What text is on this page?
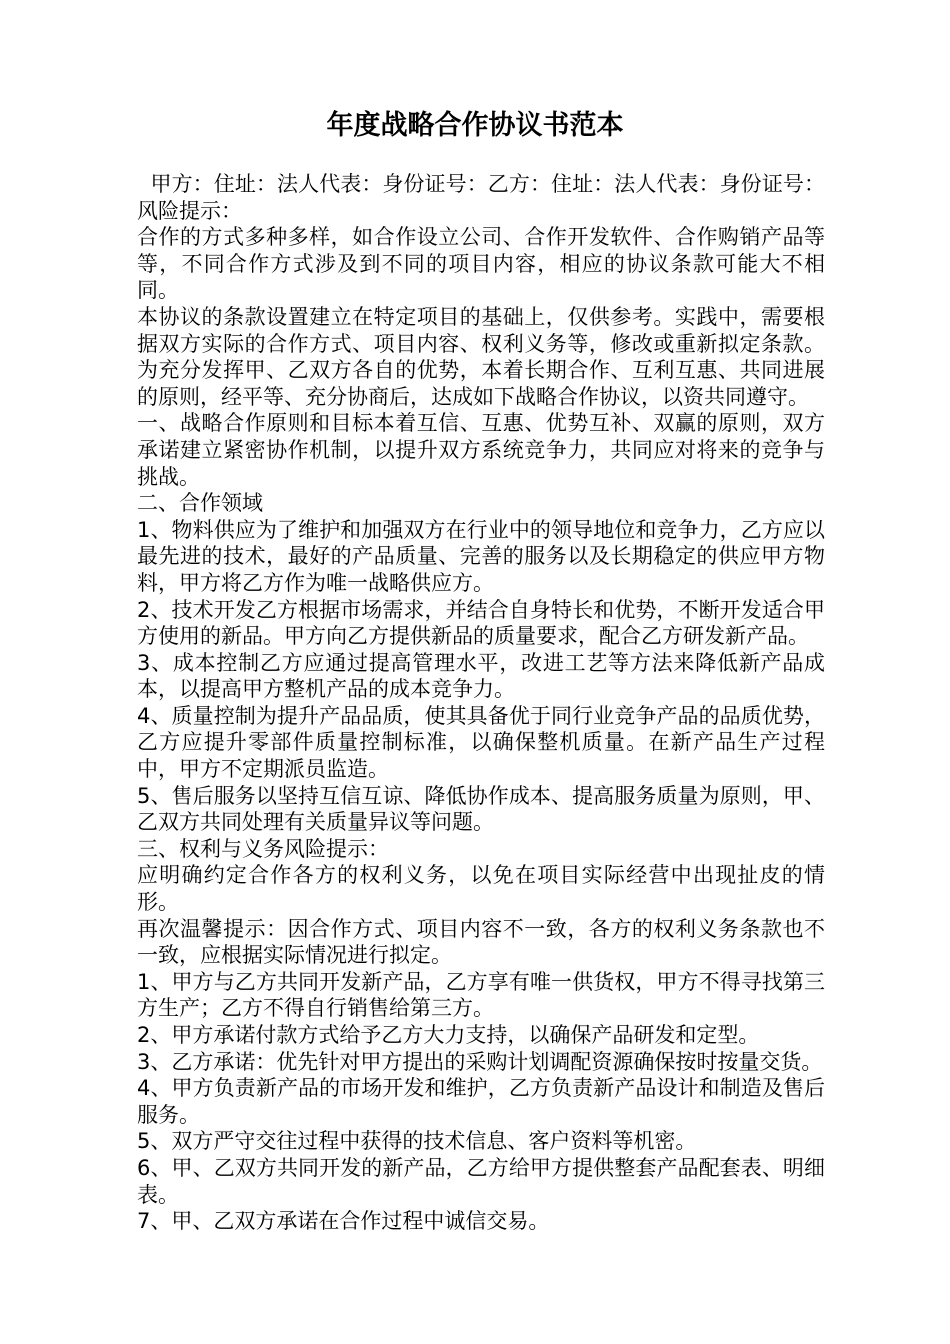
年度战略合作协议书范本

甲方：住址：法人代表：身份证号：乙方：住址：法人代表：身份证号：风险提示：

合作的方式多种多样，如合作设立公司、合作开发软件、合作购销产品等等，不同合作方式涉及到不同的项目内容，相应的协议条款可能大不相同。

本协议的条款设置建立在特定项目的基础上，仅供参考。实践中，需要根据双方实际的合作方式、项目内容、权利义务等，修改或重新拟定条款。  为充分发挥甲、乙双方各自的优势，本着长期合作、互利互惠、共同进展的原则，经平等、充分协商后，达成如下战略合作协议，以资共同遵守。

一、战略合作原则和目标本着互信、互惠、优势互补、双赢的原则，双方承诺建立紧密协作机制，以提升双方系统竞争力，共同应对将来的竞争与挑战。

二、合作领域

1、物料供应为了维护和加强双方在行业中的领导地位和竞争力，乙方应以最先进的技术，最好的产品质量、完善的服务以及长期稳定的供应甲方物料，甲方将乙方作为唯一战略供应方。

2、技术开发乙方根据市场需求，并结合自身特长和优势，不断开发适合甲方使用的新品。甲方向乙方提供新品的质量要求，配合乙方研发新产品。

3、成本控制乙方应通过提高管理水平，改进工艺等方法来降低新产品成本，以提高甲方整机产品的成本竞争力。

4、质量控制为提升产品品质，使其具备优于同行业竞争产品的品质优势，乙方应提升零部件质量控制标准，以确保整机质量。在新产品生产过程中，甲方不定期派员监造。

5、售后服务以坚持互信互谅、降低协作成本、提高服务质量为原则，甲、乙双方共同处理有关质量异议等问题。

三、权利与义务风险提示：

应明确约定合作各方的权利义务，以免在项目实际经营中出现扯皮的情形。

再次温馨提示：因合作方式、项目内容不一致，各方的权利义务条款也不一致，应根据实际情况进行拟定。

1、甲方与乙方共同开发新产品，乙方享有唯一供货权，甲方不得寻找第三方生产；乙方不得自行销售给第三方。

2、甲方承诺付款方式给予乙方大力支持，以确保产品研发和定型。

3、乙方承诺：优先针对甲方提出的采购计划调配资源确保按时按量交货。

4、甲方负责新产品的市场开发和维护，乙方负责新产品设计和制造及售后服务。

5、双方严守交往过程中获得的技术信息、客户资料等机密。

6、甲、乙双方共同开发的新产品，乙方给甲方提供整套产品配套表、明细表。

7、甲、乙双方承诺在合作过程中诚信交易。
